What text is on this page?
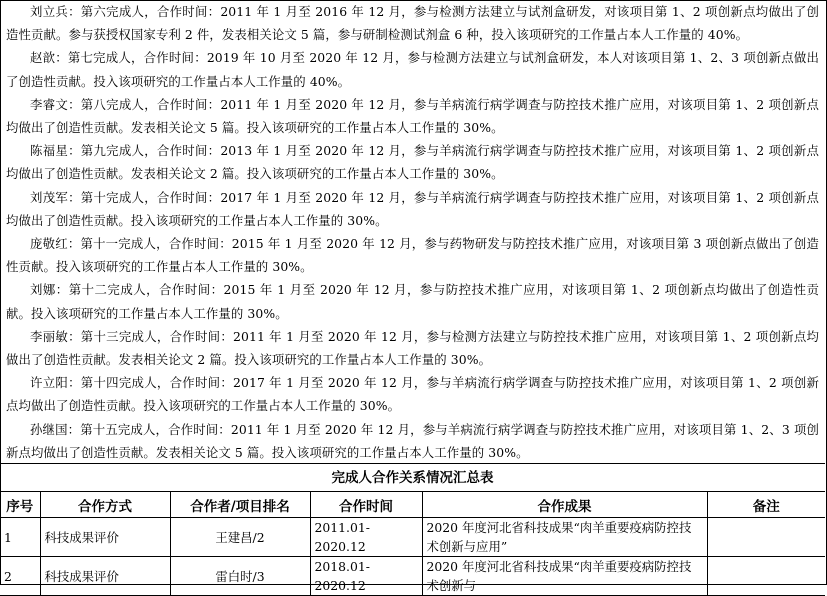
刘立兵：第六完成人，合作时间：2011 年 1 月至 2016 年 12 月，参与检测方法建立与试剂盒研发，对该项目第 1、2 项创新点均做出了创造性贡献。参与获授权国家专利 2 件，发表相关论文 5 篇，参与研制检测试剂盒 6 种，投入该项研究的工作量占本人工作量的 40%。

赵歆：第七完成人，合作时间：2019 年 10 月至 2020 年 12 月，参与检测方法建立与试剂盒研发，本人对该项目第 1、2、3 项创新点做出了创造性贡献。投入该项研究的工作量占本人工作量的 40%。

李睿文：第八完成人，合作时间：2011 年 1 月至 2020 年 12 月，参与羊病流行病学调查与防控技术推广应用，对该项目第 1、2 项创新点均做出了创造性贡献。发表相关论文 5 篇。投入该项研究的工作量占本人工作量的 30%。

陈福星：第九完成人，合作时间：2013 年 1 月至 2020 年 12 月，参与羊病流行病学调查与防控技术推广应用，对该项目第 1、2 项创新点均做出了创造性贡献。发表相关论文 2 篇。投入该项研究的工作量占本人工作量的 30%。

刘茂军：第十完成人，合作时间：2017 年 1 月至 2020 年 12 月，参与羊病流行病学调查与防控技术推广应用，对该项目第 1、2 项创新点均做出了创造性贡献。投入该项研究的工作量占本人工作量的 30%。

庞敬红：第十一完成人，合作时间：2015 年 1 月至 2020 年 12 月，参与药物研发与防控技术推广应用，对该项目第 3 项创新点做出了创造性贡献。投入该项研究的工作量占本人工作量的 30%。

刘娜：第十二完成人，合作时间：2015 年 1 月至 2020 年 12 月，参与防控技术推广应用，对该项目第 1、2 项创新点均做出了创造性贡献。投入该项研究的工作量占本人工作量的 30%。

李丽敏：第十三完成人，合作时间：2011 年 1 月至 2020 年 12 月，参与检测方法建立与防控技术推广应用，对该项目第 1、2 项创新点均做出了创造性贡献。发表相关论文 2 篇。投入该项研究的工作量占本人工作量的 30%。

许立阳：第十四完成人，合作时间：2017 年 1 月至 2020 年 12 月，参与羊病流行病学调查与防控技术推广应用，对该项目第 1、2 项创新点均做出了创造性贡献。投入该项研究的工作量占本人工作量的 30%。

孙继国：第十五完成人，合作时间：2011 年 1 月至 2020 年 12 月，参与羊病流行病学调查与防控技术推广应用，对该项目第 1、2、3 项创新点均做出了创造性贡献。发表相关论文 5 篇。投入该项研究的工作量占本人工作量的 30%。

完成人合作关系情况汇总表
序号	合作方式	合作者/项目排名	合作时间	合作成果	备注
1	科技成果评价	王建昌/2	2011.01-2020.12	2020 年度河北省科技成果“肉羊重要疫病防控技术创新与应用”	
2	科技成果评价	雷白时/3	2018.01-2020.12	2020 年度河北省科技成果“肉羊重要疫病防控技术创新与	
